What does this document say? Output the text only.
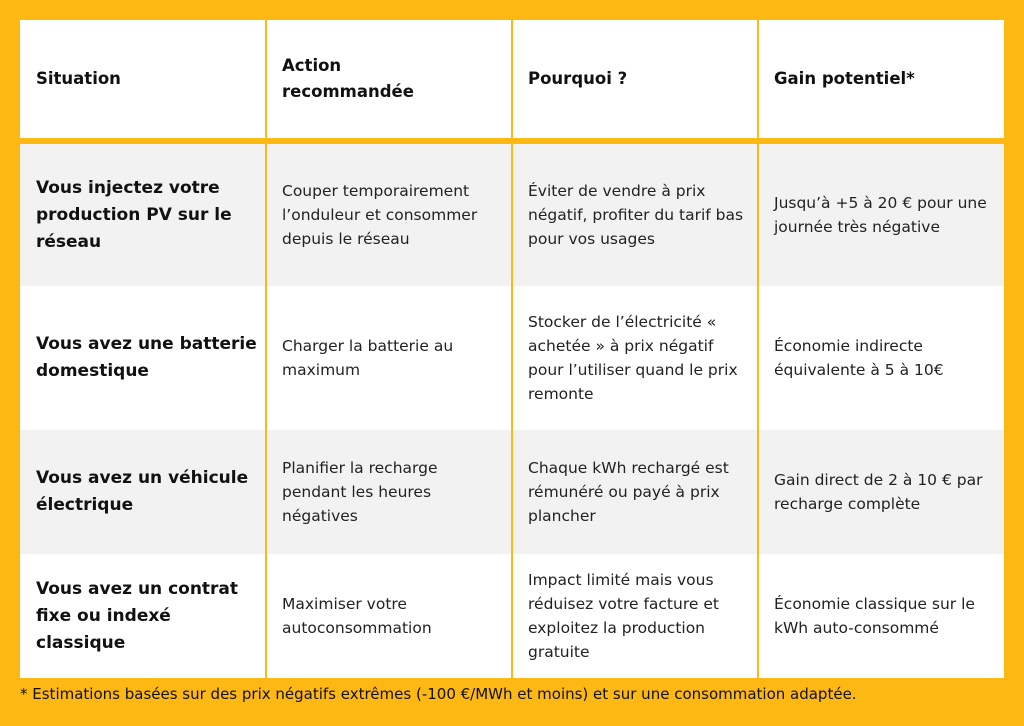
Situation
Action recommandée
Pourquoi ?	Gain potentiel*
Vous injectez votre production PV sur le réseau
Couper temporairement l’onduleur et consommer depuis le réseau
Éviter de vendre à prix négatif, profiter du tarif bas pour vos usages
Jusqu’à +5 à 20 € pour une journée très négative
Vous avez une batterie domestique
Charger la batterie au maximum
Stocker de l’électricité « achetée » à prix négatif pour l’utiliser quand le prix remonte
Économie indirecte équivalente à 5 à 10€
Vous avez un véhicule électrique
Planifier la recharge pendant les heures négatives
Chaque kWh rechargé est rémunéré ou payé à prix plancher
Gain direct de 2 à 10 € par recharge complète
Vous avez un contrat fixe ou indexé classique
Maximiser votre autoconsommation
Impact limité mais vous réduisez votre facture et exploitez la production gratuite
Économie classique sur le kWh auto-consommé
* Estimations basées sur des prix négatifs extrêmes (-100 €/MWh et moins) et sur une consommation adaptée.
